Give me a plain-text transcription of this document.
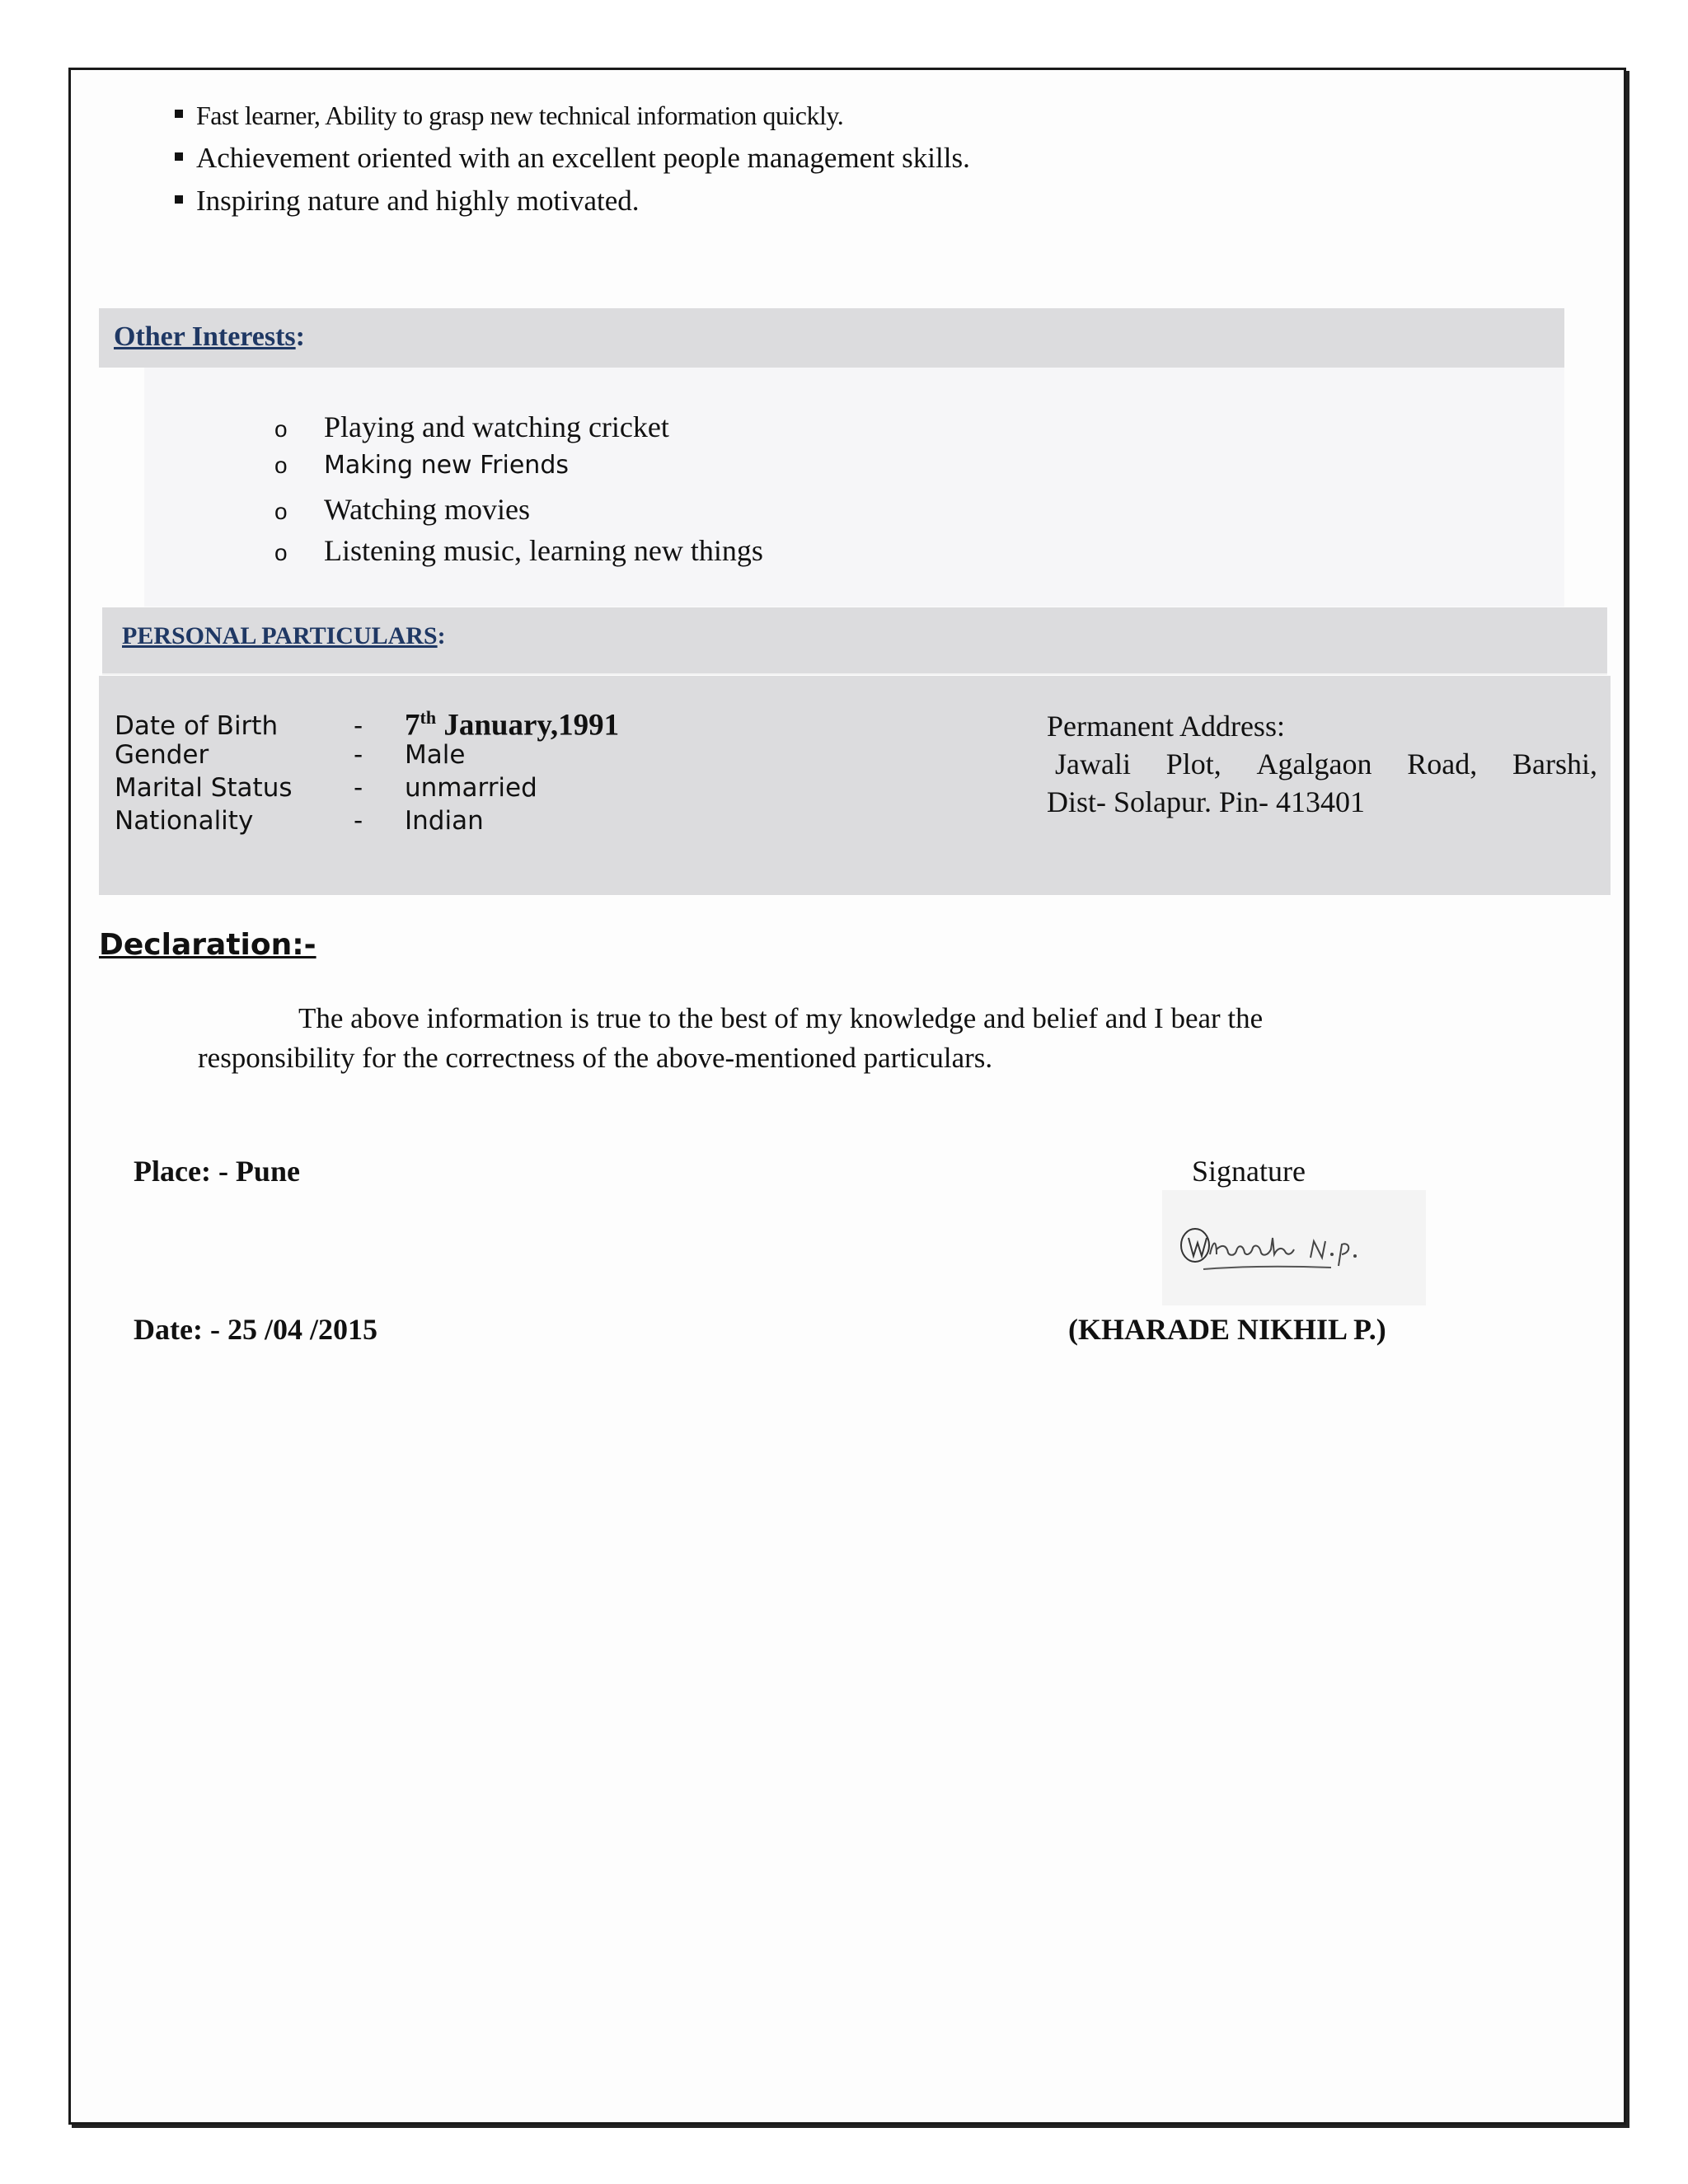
Fast learner, Ability to grasp new technical information quickly.
Achievement oriented with an excellent people management skills.
Inspiring nature and highly motivated.
Other Interests:
o	Playing and watching cricket
o	Making new Friends
o	Watching movies
o	Listening music, learning new things
PERSONAL PARTICULARS:
Date of Birth	-	7th January,1991
Gender	-	Male
Marital Status	-	unmarried
Nationality	-	Indian
Permanent Address:
Jawali Plot, Agalgaon Road, Barshi,
Dist- Solapur. Pin- 413401
Declaration:-
The above information is true to the best of my knowledge and belief and I bear the
responsibility for the correctness of the above-mentioned particulars.
Place: - Pune	Signature
Date: - 25 /04 /2015	(KHARADE NIKHIL P.)
